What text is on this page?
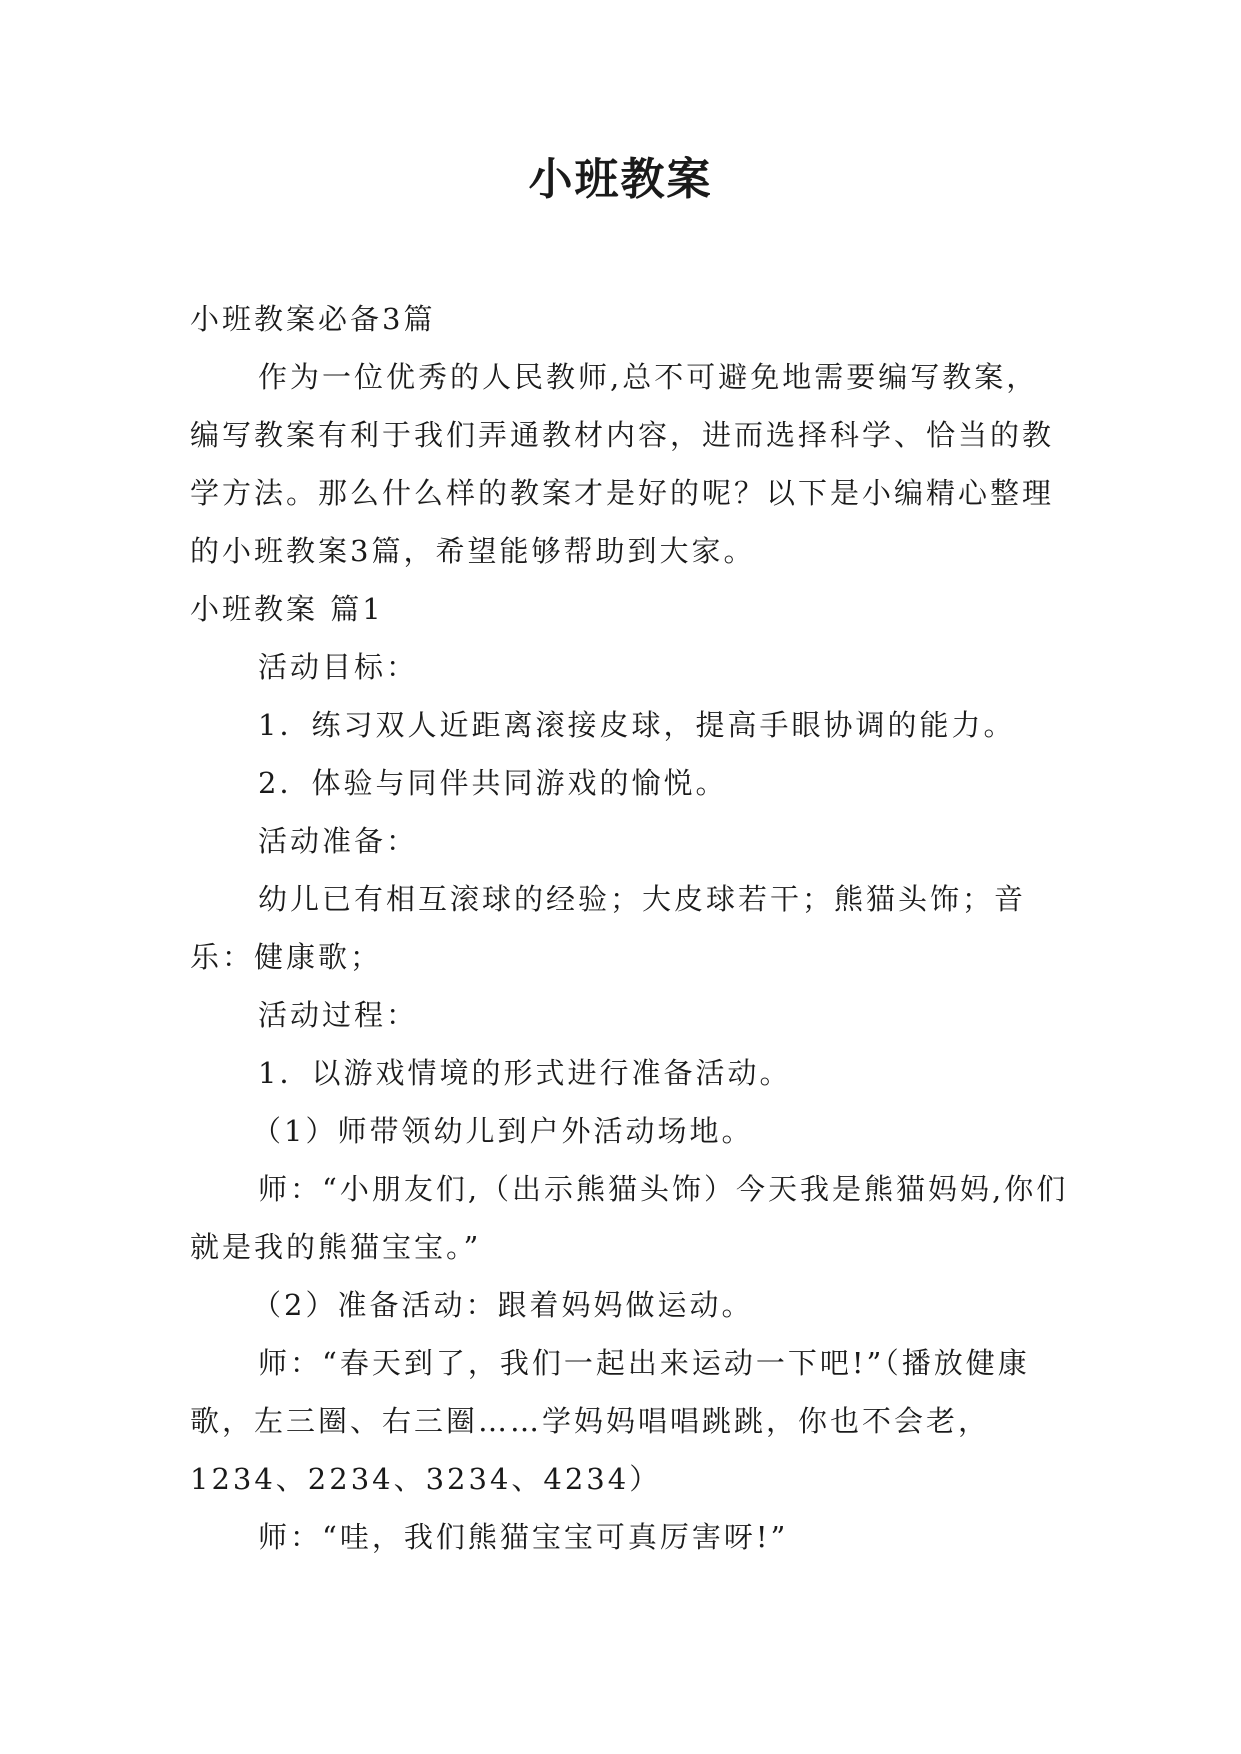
小班教案

小班教案必备3篇

作为一位优秀的人民教师,总不可避免地需要编写教案，编写教案有利于我们弄通教材内容，进而选择科学、恰当的教学方法。那么什么样的教案才是好的呢？以下是小编精心整理的小班教案3篇，希望能够帮助到大家。

小班教案 篇1

活动目标：

1．练习双人近距离滚接皮球，提高手眼协调的能力。

2．体验与同伴共同游戏的愉悦。

活动准备：

幼儿已有相互滚球的经验；大皮球若干；熊猫头饰；音乐：健康歌；

活动过程：

1．以游戏情境的形式进行准备活动。

（1）师带领幼儿到户外活动场地。

师：“小朋友们,（出示熊猫头饰）今天我是熊猫妈妈,你们就是我的熊猫宝宝。”

（2）准备活动：跟着妈妈做运动。

师：“春天到了，我们一起出来运动一下吧!”（播放健康歌，左三圈、右三圈……学妈妈唱唱跳跳，你也不会老，1234、2234、3234、4234）

师：“哇，我们熊猫宝宝可真厉害呀!”
